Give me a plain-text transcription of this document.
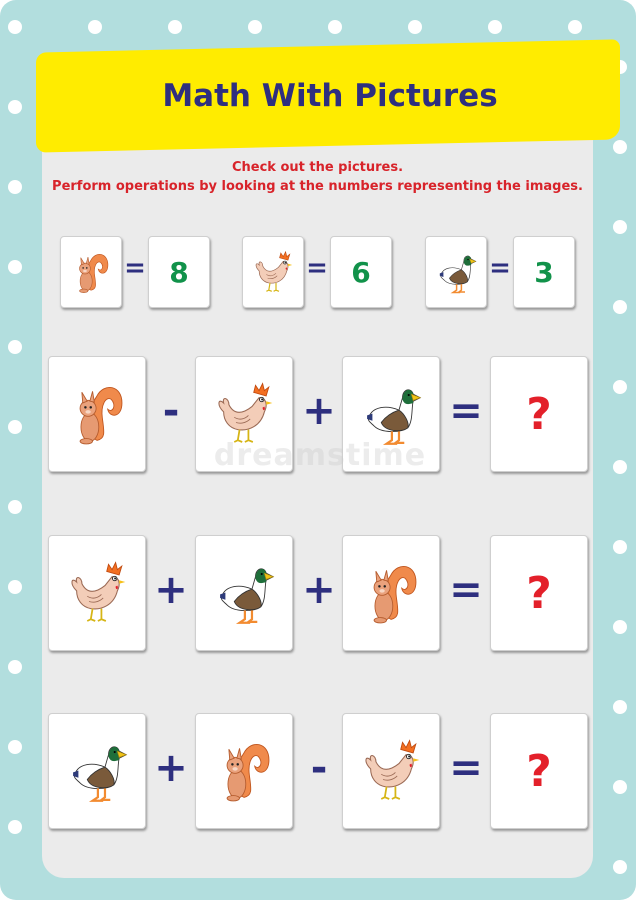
Math With Pictures
Check out the pictures.
Perform operations by looking at the numbers representing the images.
= 8	= 6	= 3
-	+	= ?
+	+	= ?
+	-	= ?
dreamstime
